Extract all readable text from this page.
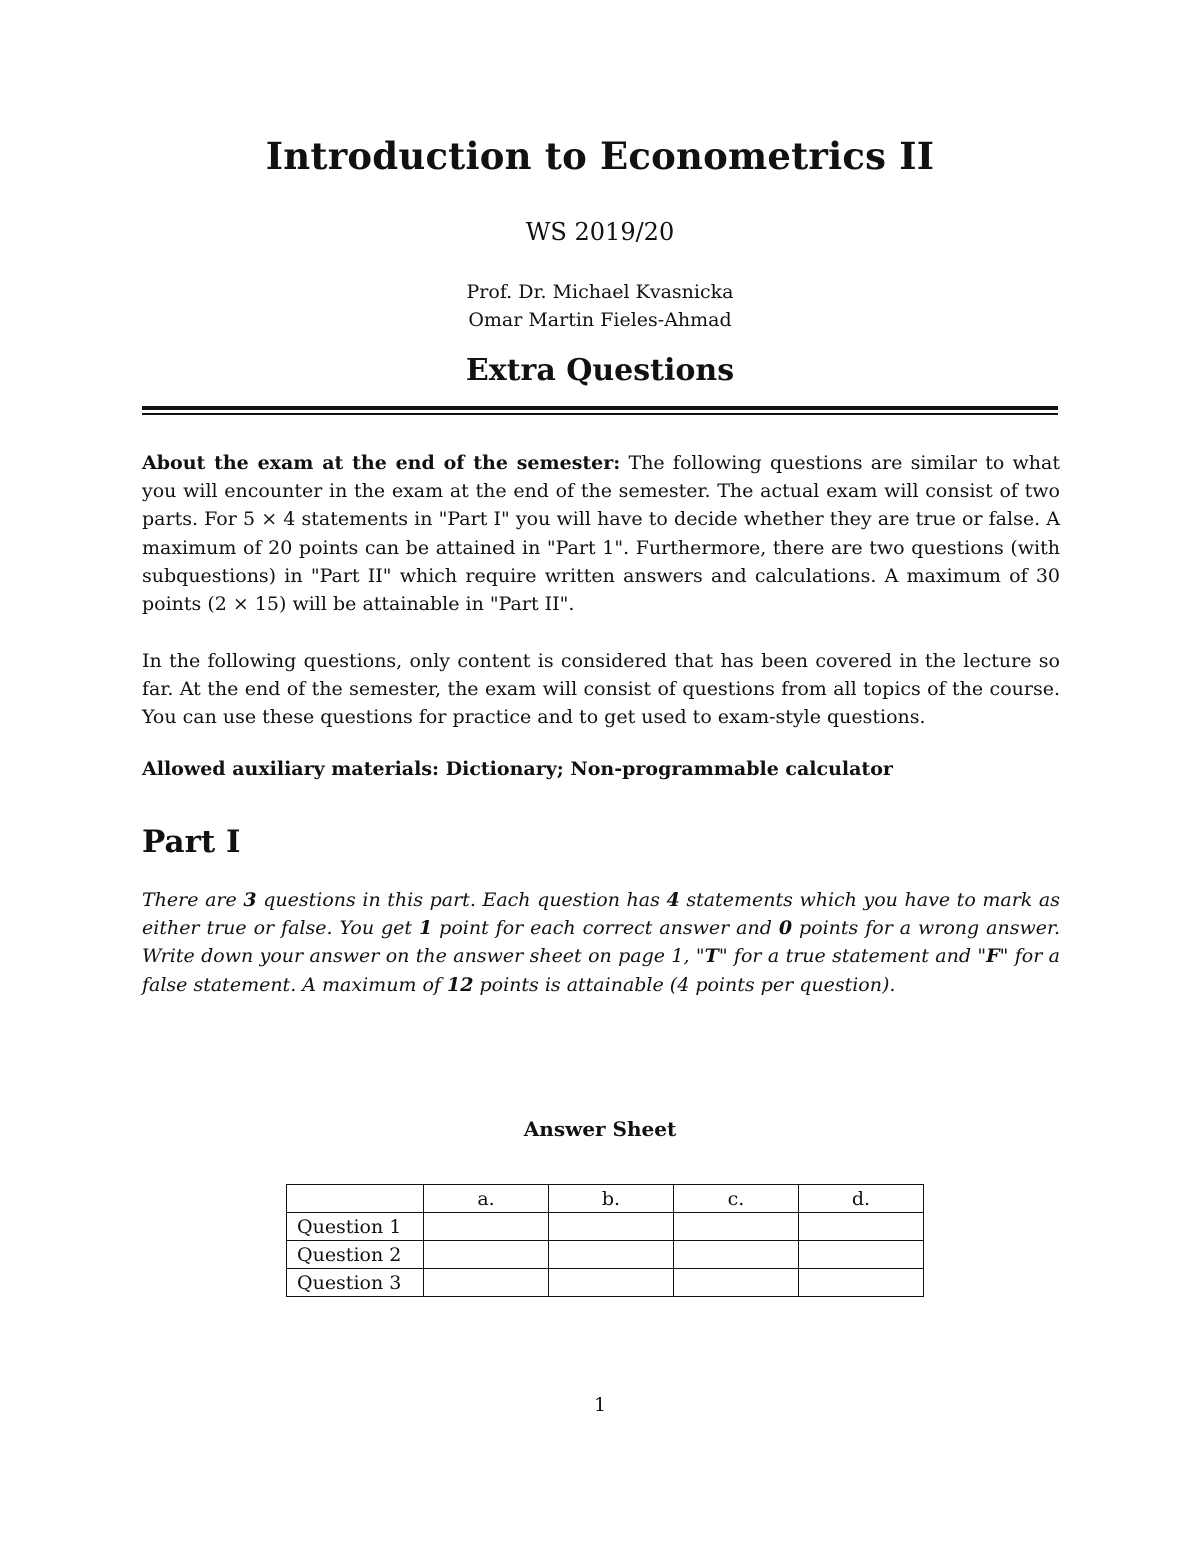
Introduction to Econometrics II
WS 2019/20
Prof. Dr. Michael Kvasnicka
Omar Martin Fieles-Ahmad
Extra Questions
About the exam at the end of the semester: The following questions are similar to what you will encounter in the exam at the end of the semester. The actual exam will consist of two parts. For 5 × 4 statements in "Part I" you will have to decide whether they are true or false. A maximum of 20 points can be attained in "Part 1". Furthermore, there are two questions (with subquestions) in "Part II" which require written answers and calculations. A maximum of 30 points (2 × 15) will be attainable in "Part II".
In the following questions, only content is considered that has been covered in the lecture so far. At the end of the semester, the exam will consist of questions from all topics of the course. You can use these questions for practice and to get used to exam-style questions.
Allowed auxiliary materials: Dictionary; Non-programmable calculator
Part I
There are 3 questions in this part. Each question has 4 statements which you have to mark as either true or false. You get 1 point for each correct answer and 0 points for a wrong answer. Write down your answer on the answer sheet on page 1, "T" for a true statement and "F" for a false statement. A maximum of 12 points is attainable (4 points per question).
Answer Sheet
	a.	b.	c.	d.
Question 1				
Question 2				
Question 3				
1
